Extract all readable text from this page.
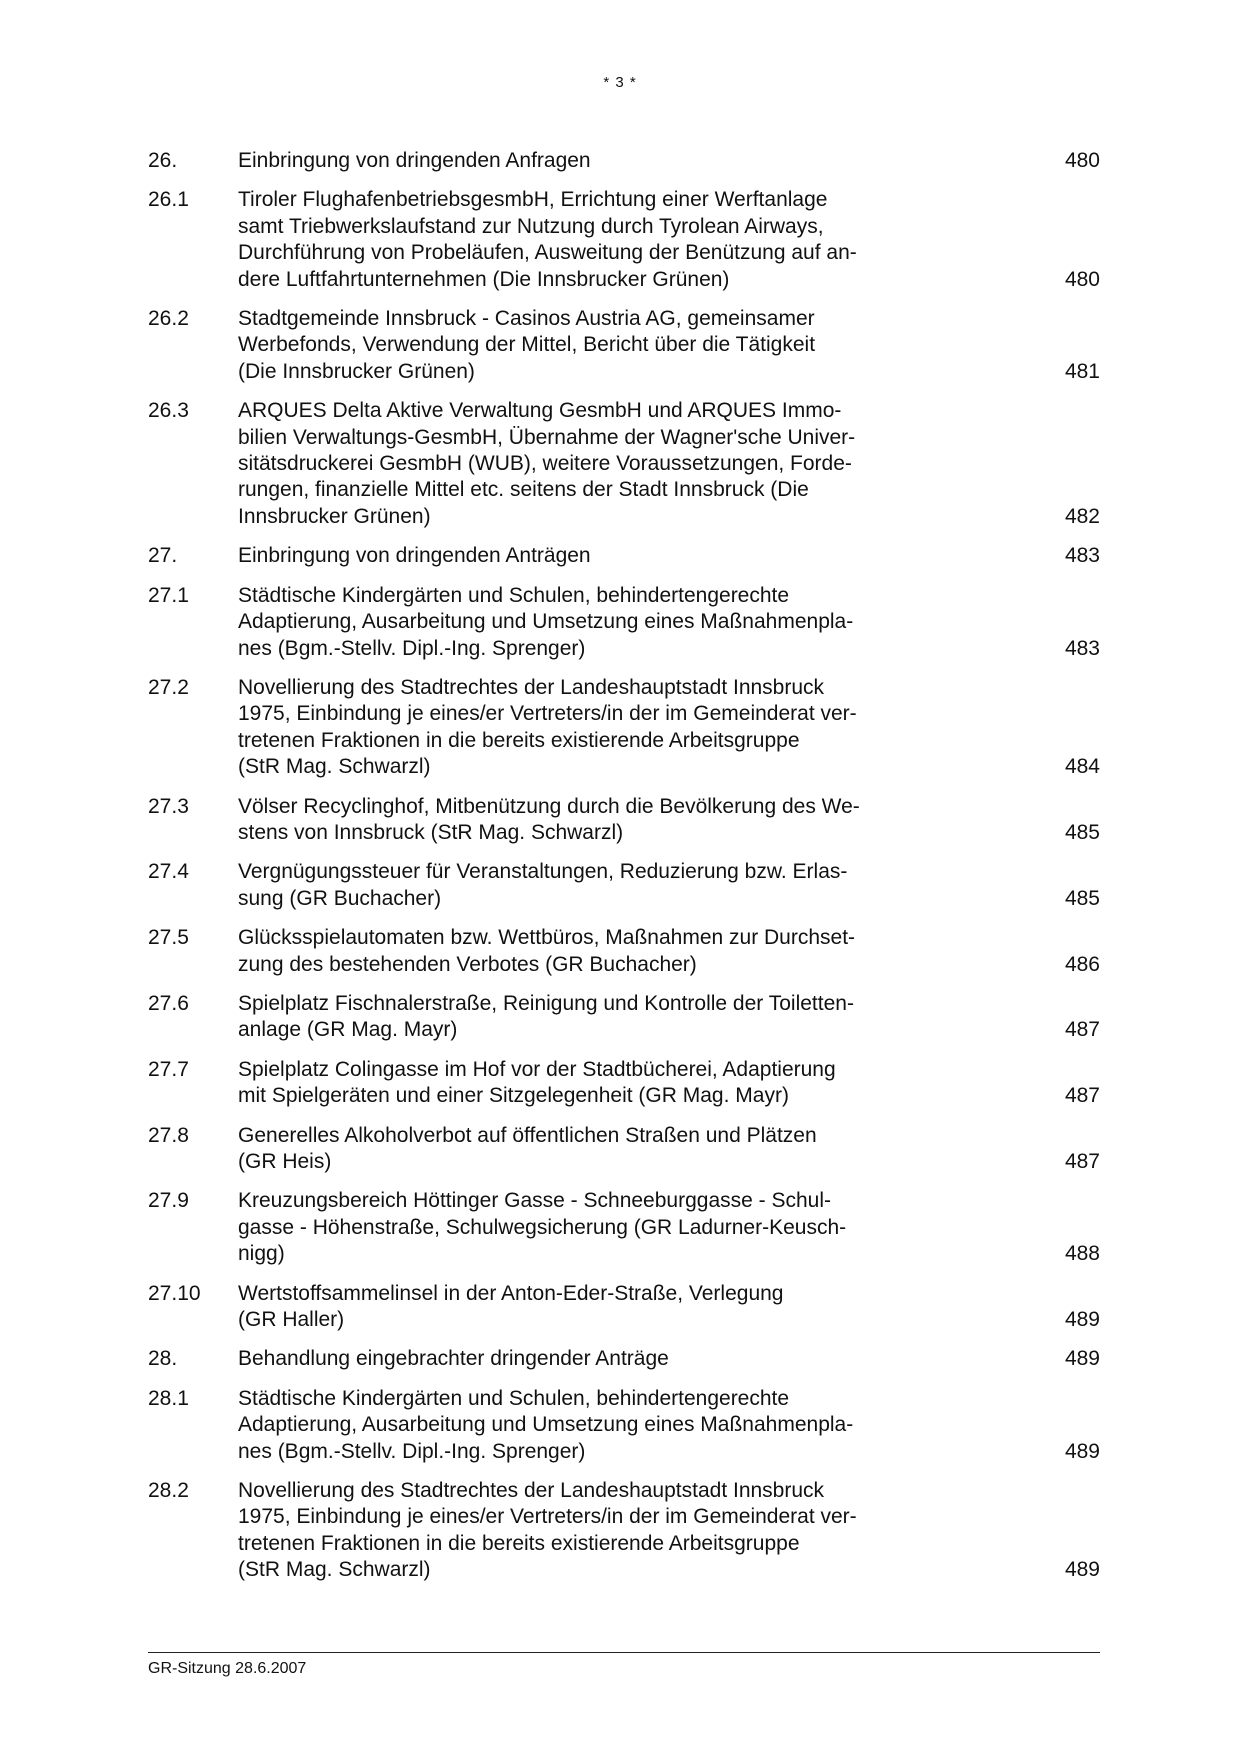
* 3 *
26.	Einbringung von dringenden Anfragen	480
26.1	Tiroler FlughafenbetriebsgesmbH, Errichtung einer Werftanlage
samt Triebwerkslaufstand zur Nutzung durch Tyrolean Airways,
Durchführung von Probeläufen, Ausweitung der Benützung auf an-
dere Luftfahrtunternehmen (Die Innsbrucker Grünen)	480
26.2	Stadtgemeinde Innsbruck - Casinos Austria AG, gemeinsamer
Werbefonds, Verwendung der Mittel, Bericht über die Tätigkeit
(Die Innsbrucker Grünen)	481
26.3	ARQUES Delta Aktive Verwaltung GesmbH und ARQUES Immo-
bilien Verwaltungs-GesmbH, Übernahme der Wagner'sche Univer-
sitätsdruckerei GesmbH (WUB), weitere Voraussetzungen, Forde-
rungen, finanzielle Mittel etc. seitens der Stadt Innsbruck (Die
Innsbrucker Grünen)	482
27.	Einbringung von dringenden Anträgen	483
27.1	Städtische Kindergärten und Schulen, behindertengerechte
Adaptierung, Ausarbeitung und Umsetzung eines Maßnahmenpla-
nes (Bgm.-Stellv. Dipl.-Ing. Sprenger)	483
27.2	Novellierung des Stadtrechtes der Landeshauptstadt Innsbruck
1975, Einbindung je eines/er Vertreters/in der im Gemeinderat ver-
tretenen Fraktionen in die bereits existierende Arbeitsgruppe
(StR Mag. Schwarzl)	484
27.3	Völser Recyclinghof, Mitbenützung durch die Bevölkerung des We-
stens von Innsbruck (StR Mag. Schwarzl)	485
27.4	Vergnügungssteuer für Veranstaltungen, Reduzierung bzw. Erlas-
sung (GR Buchacher)	485
27.5	Glücksspielautomaten bzw. Wettbüros, Maßnahmen zur Durchset-
zung des bestehenden Verbotes (GR Buchacher)	486
27.6	Spielplatz Fischnalerstraße, Reinigung und Kontrolle der Toiletten-
anlage (GR Mag. Mayr)	487
27.7	Spielplatz Colingasse im Hof vor der Stadtbücherei, Adaptierung
mit Spielgeräten und einer Sitzgelegenheit (GR Mag. Mayr)	487
27.8	Generelles Alkoholverbot auf öffentlichen Straßen und Plätzen
(GR Heis)	487
27.9	Kreuzungsbereich Höttinger Gasse - Schneeburggasse - Schul-
gasse - Höhenstraße, Schulwegsicherung (GR Ladurner-Keusch-
nigg)	488
27.10	Wertstoffsammelinsel in der Anton-Eder-Straße, Verlegung
(GR Haller)	489
28.	Behandlung eingebrachter dringender Anträge	489
28.1	Städtische Kindergärten und Schulen, behindertengerechte
Adaptierung, Ausarbeitung und Umsetzung eines Maßnahmenpla-
nes (Bgm.-Stellv. Dipl.-Ing. Sprenger)	489
28.2	Novellierung des Stadtrechtes der Landeshauptstadt Innsbruck
1975, Einbindung je eines/er Vertreters/in der im Gemeinderat ver-
tretenen Fraktionen in die bereits existierende Arbeitsgruppe
(StR Mag. Schwarzl)	489
GR-Sitzung 28.6.2007
